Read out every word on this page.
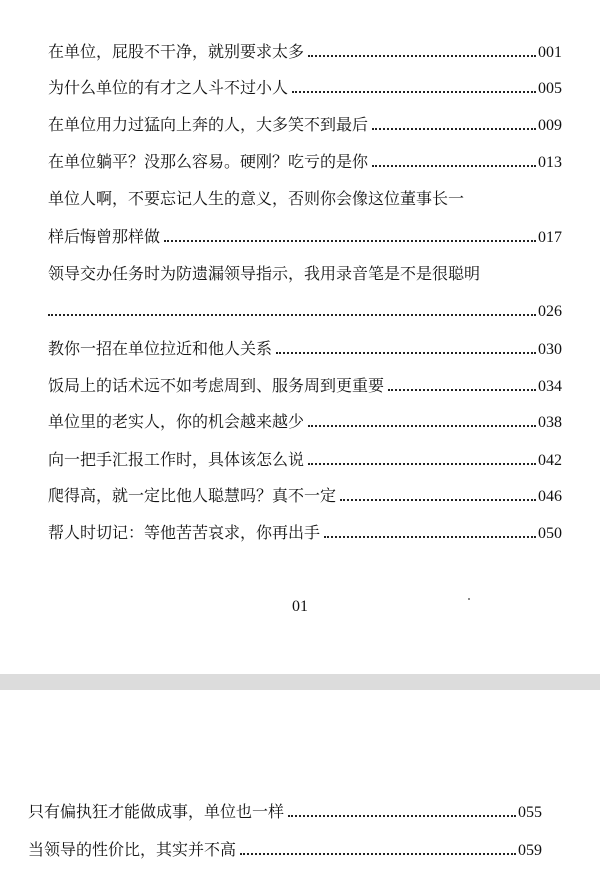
在单位，屁股不干净，就别要求太多	001
为什么单位的有才之人斗不过小人	005
在单位用力过猛向上奔的人，大多笑不到最后	009
在单位躺平？没那么容易。硬刚？吃亏的是你	013
单位人啊，不要忘记人生的意义，否则你会像这位董事长一
样后悔曾那样做	017
领导交办任务时为防遗漏领导指示，我用录音笔是不是很聪明
026
教你一招在单位拉近和他人关系	030
饭局上的话术远不如考虑周到、服务周到更重要	034
单位里的老实人，你的机会越来越少	038
向一把手汇报工作时，具体该怎么说	042
爬得高，就一定比他人聪慧吗？真不一定	046
帮人时切记：等他苦苦哀求，你再出手	050
01
只有偏执狂才能做成事，单位也一样	055
当领导的性价比，其实并不高	059
